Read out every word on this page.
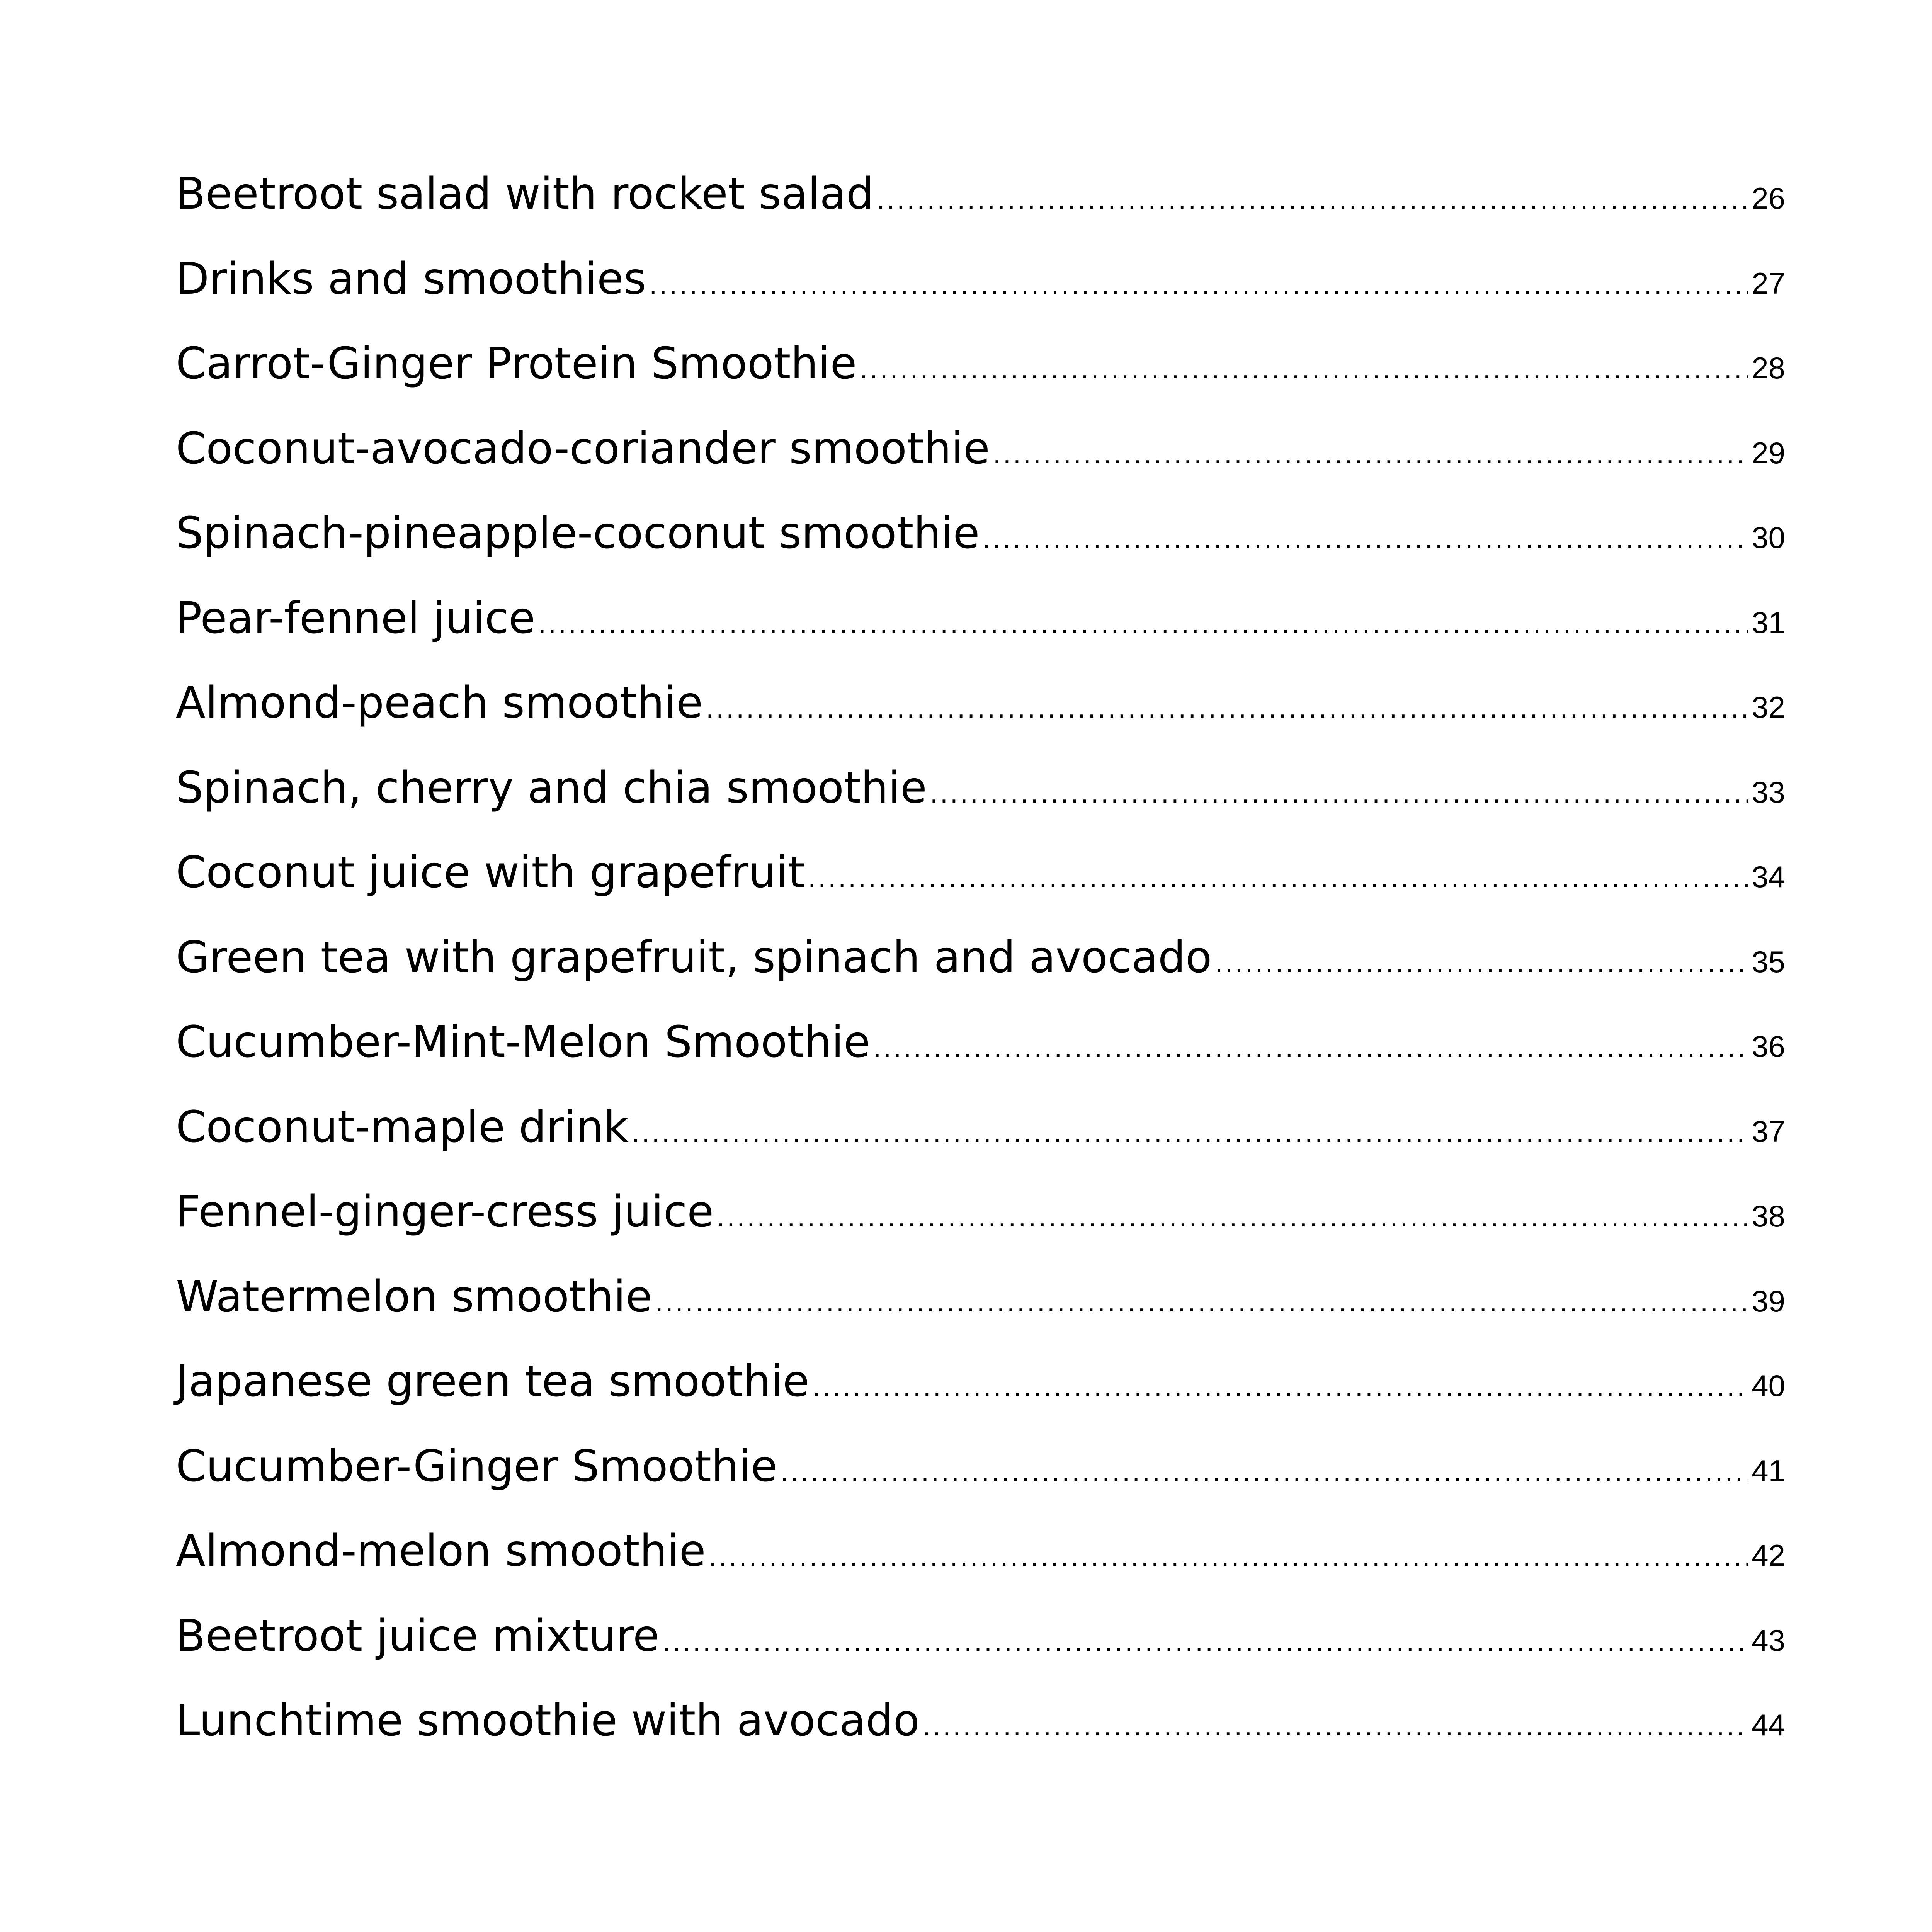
Beetroot salad with rocket salad .....	26
Drinks and smoothies .....	27
Carrot-Ginger Protein Smoothie .....	28
Coconut-avocado-coriander smoothie .....	29
Spinach-pineapple-coconut smoothie .....	30
Pear-fennel juice .....	31
Almond-peach smoothie .....	32
Spinach, cherry and chia smoothie .....	33
Coconut juice with grapefruit .....	34
Green tea with grapefruit, spinach and avocado .....	35
Cucumber-Mint-Melon Smoothie .....	36
Coconut-maple drink .....	37
Fennel-ginger-cress juice .....	38
Watermelon smoothie .....	39
Japanese green tea smoothie .....	40
Cucumber-Ginger Smoothie .....	41
Almond-melon smoothie .....	42
Beetroot juice mixture .....	43
Lunchtime smoothie with avocado .....	44
